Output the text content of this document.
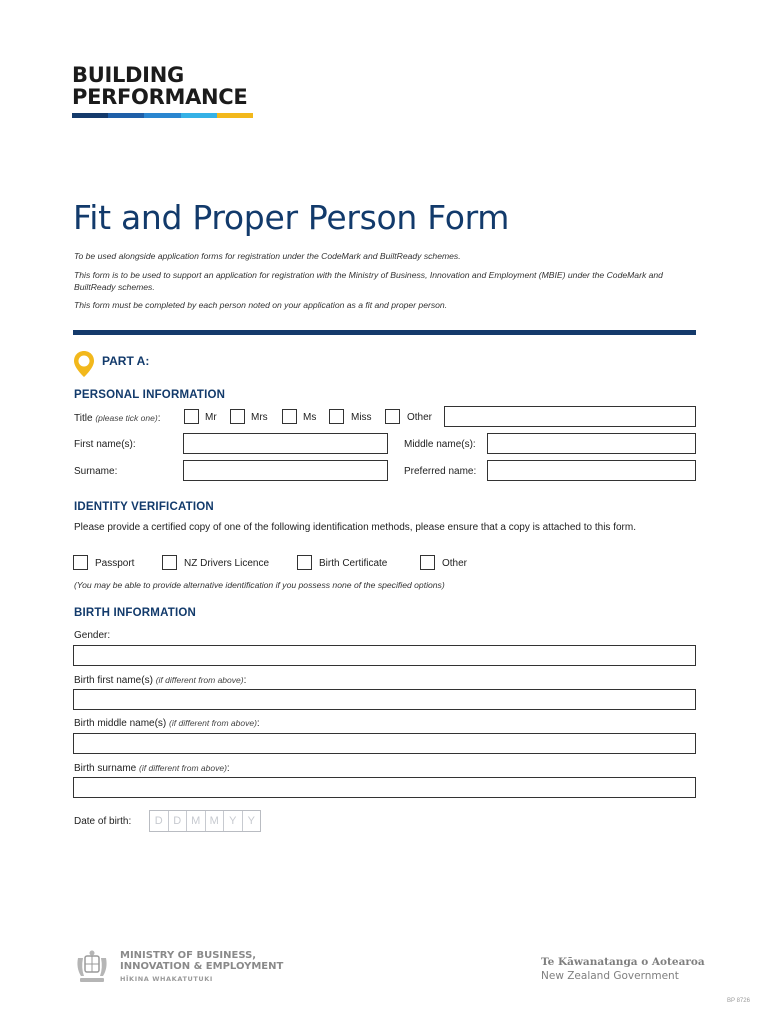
BUILDING
PERFORMANCE
Fit and Proper Person Form
To be used alongside application forms for registration under the CodeMark and BuiltReady schemes.
This form is to be used to support an application for registration with the Ministry of Business, Innovation and Employment (MBIE) under the CodeMark and BuiltReady schemes.
This form must be completed by each person noted on your application as a fit and proper person.
PART A:
PERSONAL INFORMATION
Title (please tick one):	Mr	Mrs	Ms	Miss	Other
First name(s):	Middle name(s):
Surname:	Preferred name:
IDENTITY VERIFICATION
Please provide a certified copy of one of the following identification methods, please ensure that a copy is attached to this form.
Passport	NZ Drivers Licence	Birth Certificate	Other
(You may be able to provide alternative identification if you possess none of the specified options)
BIRTH INFORMATION
Gender:
Birth first name(s) (if different from above):
Birth middle name(s) (if different from above):
Birth surname (if different from above):
Date of birth:	D D M M Y	Y
MINISTRY OF BUSINESS,
INNOVATION & EMPLOYMENT
HĪKINA WHAKATUTUKI
Te Kāwanatanga o Aotearoa
New Zealand Government
BP 8726
